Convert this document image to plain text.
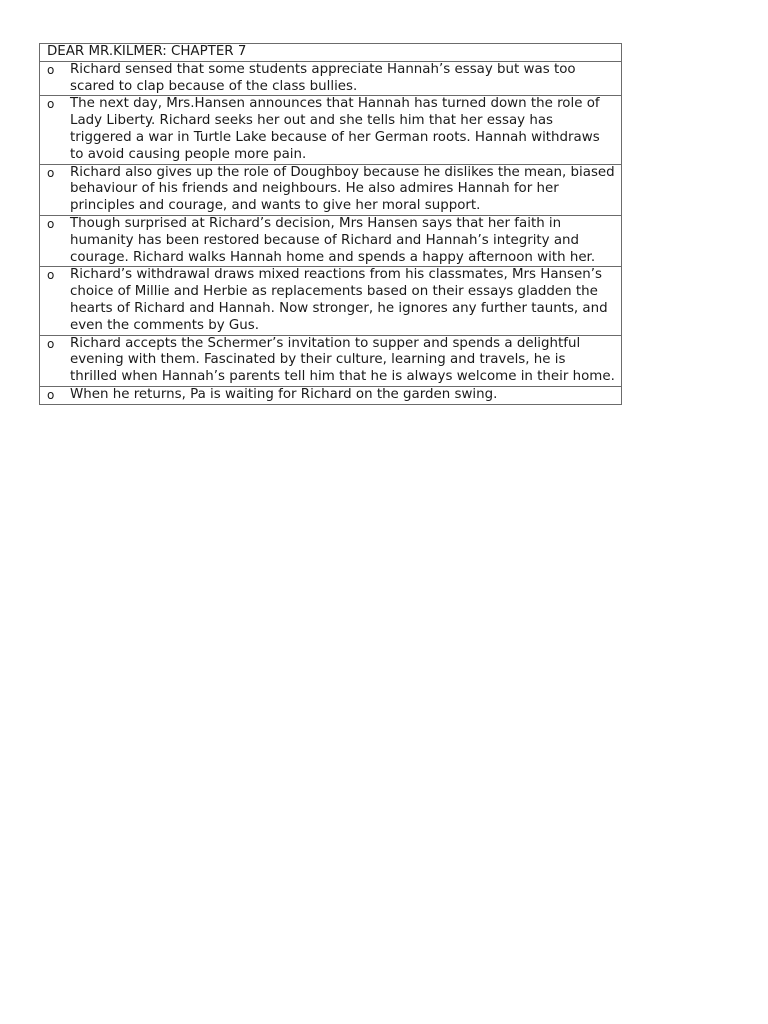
DEAR MR.KILMER: CHAPTER 7	
o	Richard sensed that some students appreciate Hannah’s essay but was too scared to clap because of the class bullies.
o	The next day, Mrs.Hansen announces that Hannah has turned down the role of Lady Liberty. Richard seeks her out and she tells him that her essay has triggered a war in Turtle Lake because of her German roots. Hannah withdraws to avoid causing people more pain.
o	Richard also gives up the role of Doughboy because he dislikes the mean, biased behaviour of his friends and neighbours. He also admires Hannah for her principles and courage, and wants to give her moral support.
o	Though surprised at Richard’s decision, Mrs Hansen says that her faith in humanity has been restored because of Richard and Hannah’s integrity and courage. Richard walks Hannah home and spends a happy afternoon with her.
o	Richard’s withdrawal draws mixed reactions from his classmates, Mrs Hansen’s choice of Millie and Herbie as replacements based on their essays gladden the hearts of Richard and Hannah. Now stronger, he ignores any further taunts, and even the comments by Gus.
o	Richard accepts the Schermer’s invitation to supper and spends a delightful evening with them. Fascinated by their culture, learning and travels, he is thrilled when Hannah’s parents tell him that he is always welcome in their home.
o	When he returns, Pa is waiting for Richard on the garden swing.
